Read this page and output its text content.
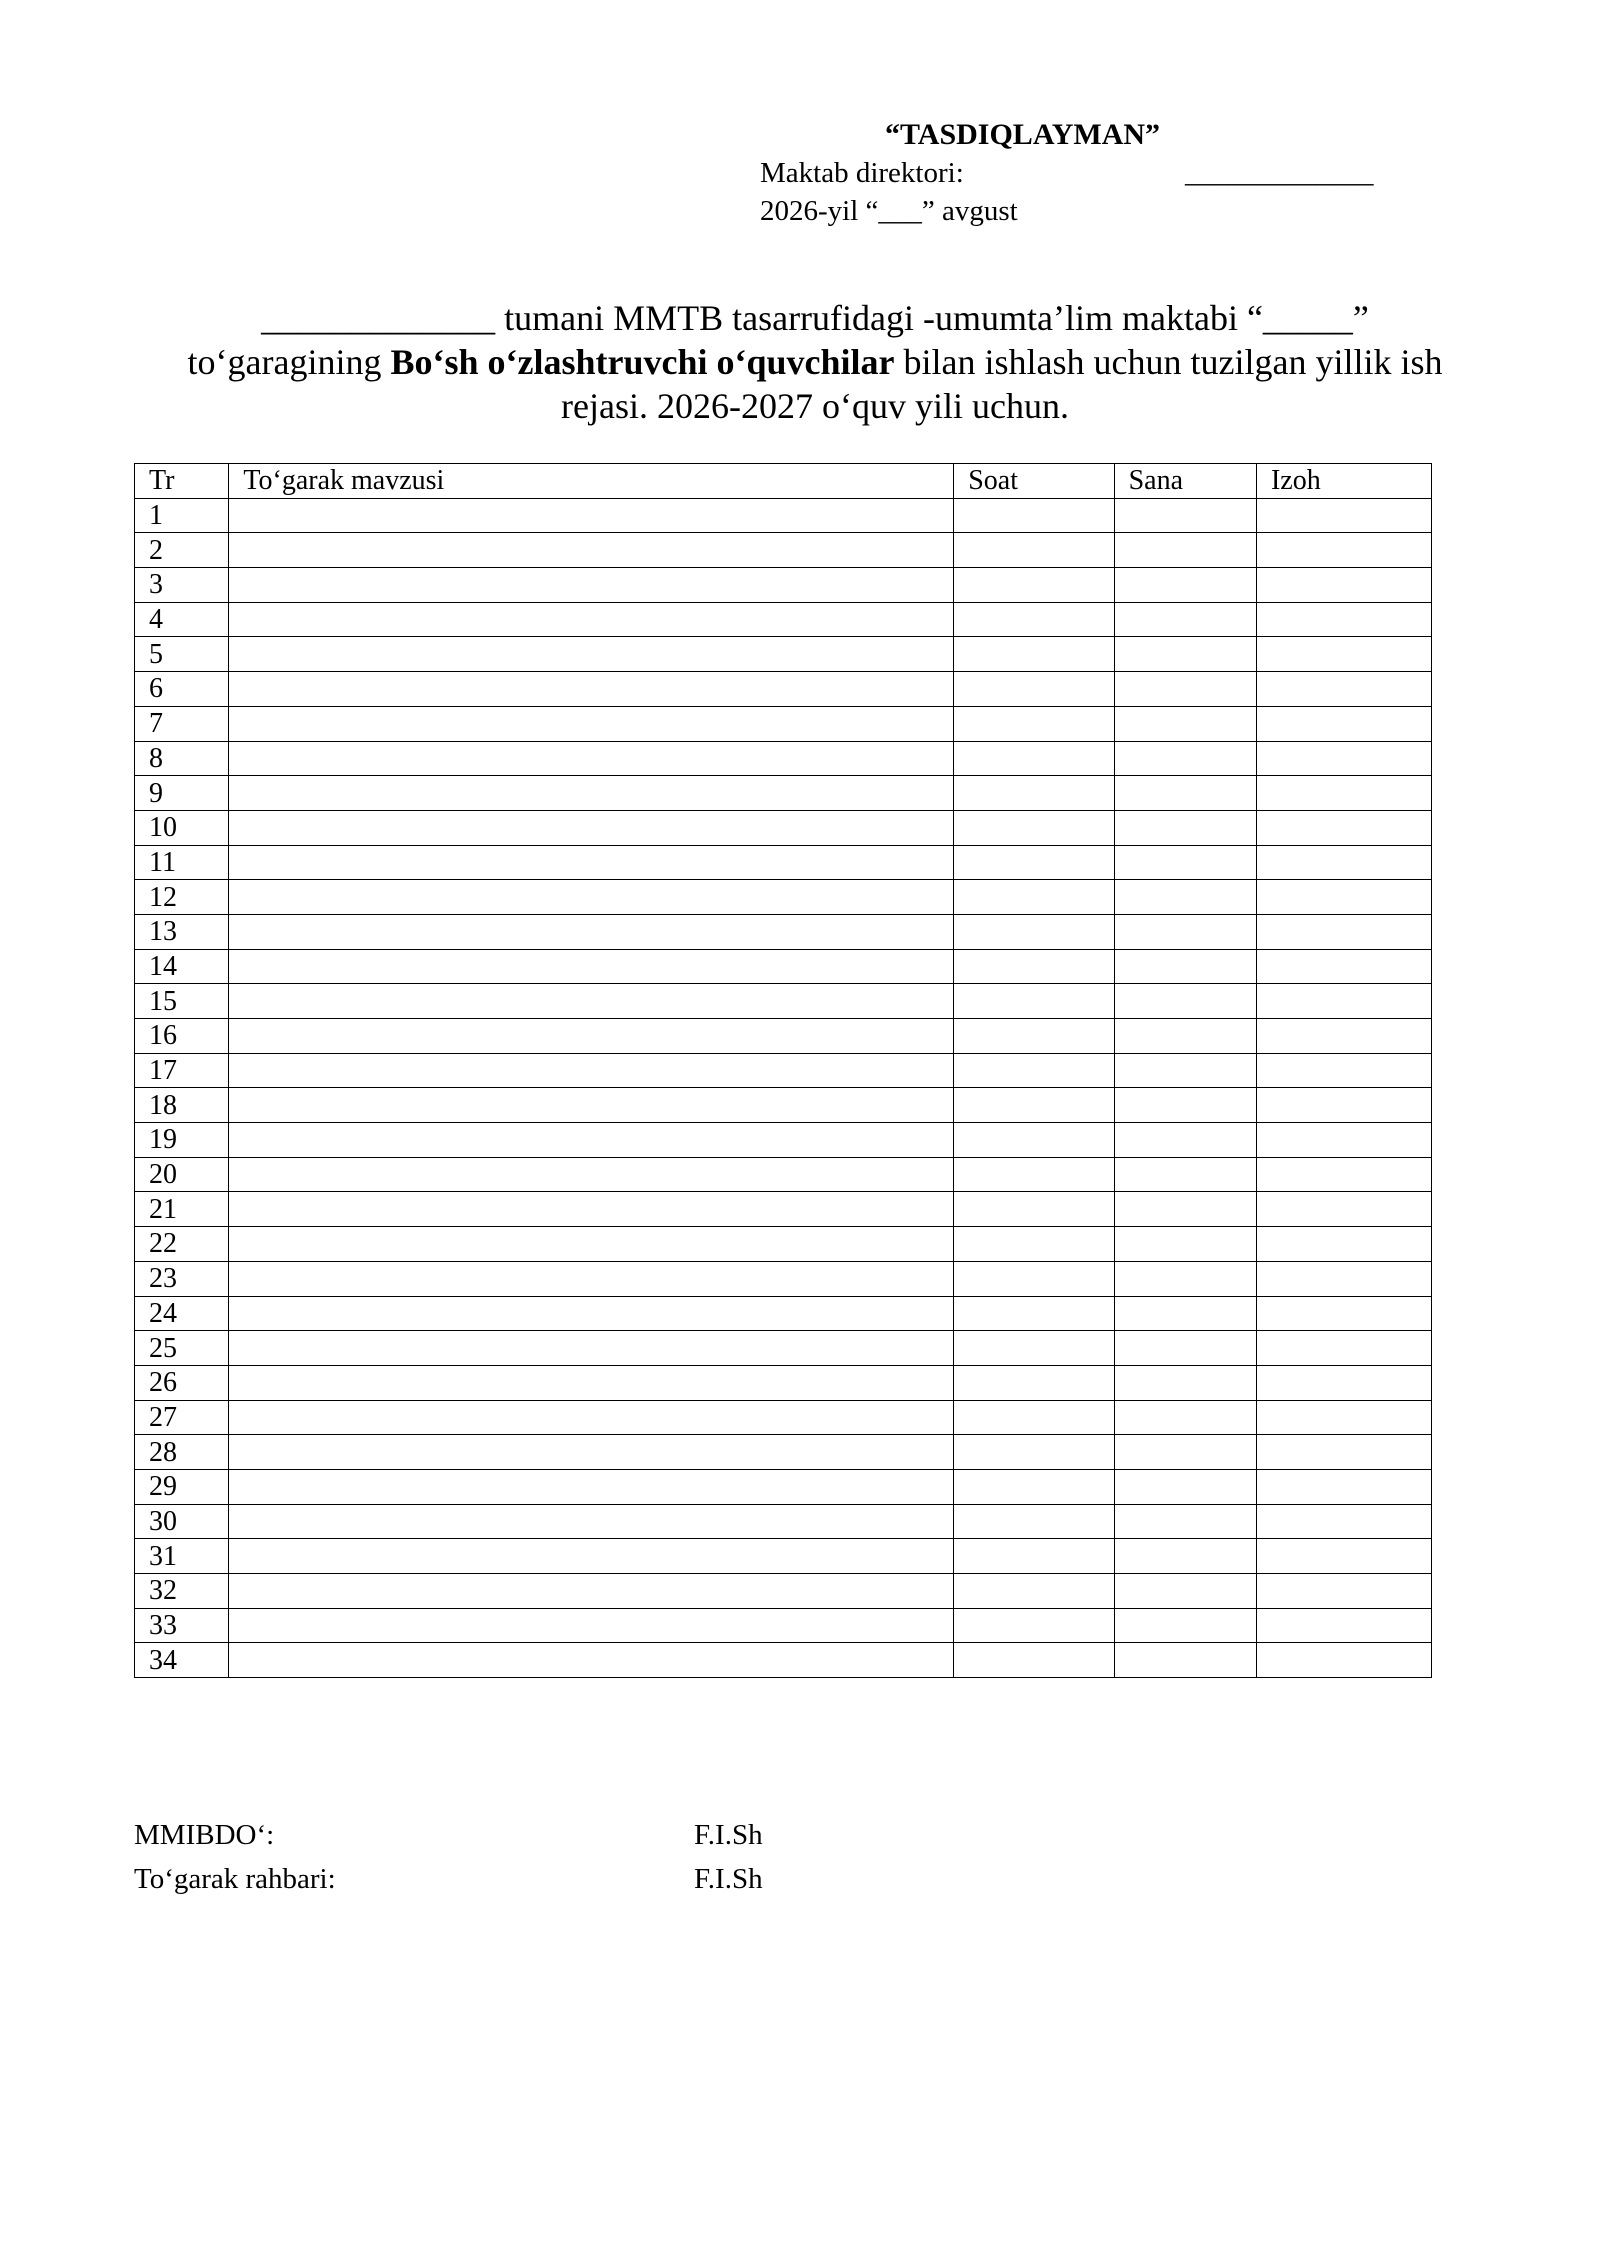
“TASDIQLAYMAN”
Maktab direktori:	_____________
2026-yil “___” avgust
_____________ tumani MMTB tasarrufidagi -umumta’lim maktabi “_____”
to‘garagining Bo‘sh o‘zlashtruvchi o‘quvchilar bilan ishlash uchun tuzilgan yillik ish
rejasi. 2026-2027 o‘quv yili uchun.
Tr	To‘garak mavzusi	Soat	Sana	Izoh
1				
2				
3				
4				
5				
6				
7				
8				
9				
10				
11				
12				
13				
14				
15				
16				
17				
18				
19				
20				
21				
22				
23				
24				
25				
26				
27				
28				
29				
30				
31				
32				
33				
34				
MMIBDO‘:	F.I.Sh
To‘garak rahbari:	F.I.Sh
